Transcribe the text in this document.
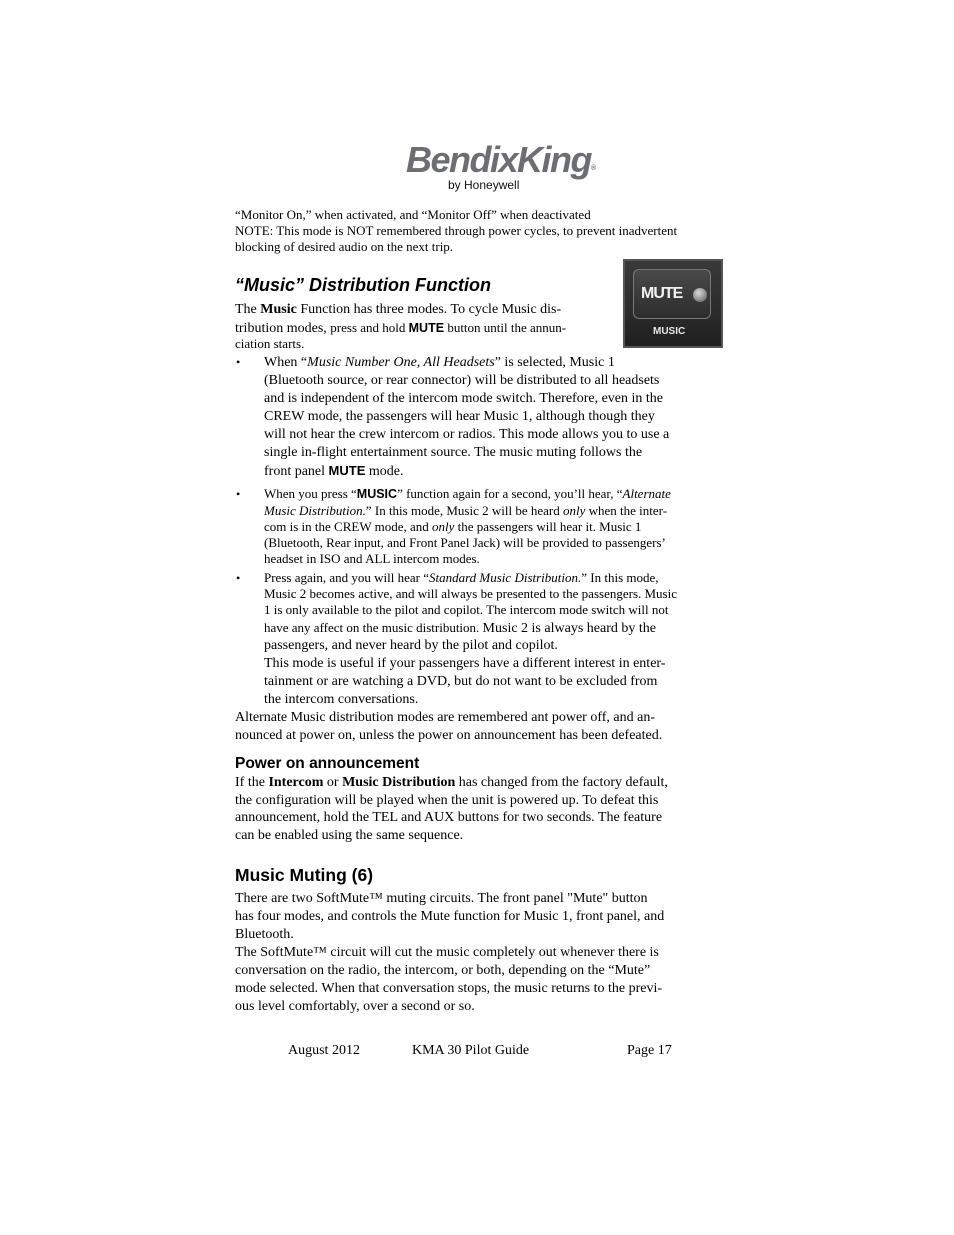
BendixKing®
by Honeywell
“Monitor On,” when activated, and “Monitor Off” when deactivated
NOTE: This mode is NOT remembered through power cycles, to prevent inadvertent
blocking of desired audio on the next trip.
“Music” Distribution Function	MUTE
MUSIC
The Music Function has three modes. To cycle Music dis-
tribution modes, press and hold MUTE button until the annun-
ciation starts.
• When “Music Number One, All Headsets” is selected, Music 1
(Bluetooth source, or rear connector) will be distributed to all headsets
and is independent of the intercom mode switch. Therefore, even in the
CREW mode, the passengers will hear Music 1, although though they
will not hear the crew intercom or radios. This mode allows you to use a
single in-flight entertainment source. The music muting follows the
front panel MUTE mode.
• When you press “MUSIC” function again for a second, you’ll hear, “Alternate
Music Distribution.” In this mode, Music 2 will be heard only when the inter-
com is in the CREW mode, and only the passengers will hear it. Music 1
(Bluetooth, Rear input, and Front Panel Jack) will be provided to passengers’
headset in ISO and ALL intercom modes.
• Press again, and you will hear “Standard Music Distribution.” In this mode,
Music 2 becomes active, and will always be presented to the passengers. Music
1 is only available to the pilot and copilot. The intercom mode switch will not
have any affect on the music distribution. Music 2 is always heard by the
passengers, and never heard by the pilot and copilot.
This mode is useful if your passengers have a different interest in enter-
tainment or are watching a DVD, but do not want to be excluded from
the intercom conversations.
Alternate Music distribution modes are remembered ant power off, and an-
nounced at power on, unless the power on announcement has been defeated.
Power on announcement
If the Intercom or Music Distribution has changed from the factory default,
the configuration will be played when the unit is powered up. To defeat this
announcement, hold the TEL and AUX buttons for two seconds. The feature
can be enabled using the same sequence.
Music Muting (6)
There are two SoftMute™ muting circuits. The front panel "Mute" button
has four modes, and controls the Mute function for Music 1, front panel, and
Bluetooth.
The SoftMute™ circuit will cut the music completely out whenever there is
conversation on the radio, the intercom, or both, depending on the “Mute”
mode selected. When that conversation stops, the music returns to the previ-
ous level comfortably, over a second or so.
August 2012	KMA 30 Pilot Guide	Page 17
